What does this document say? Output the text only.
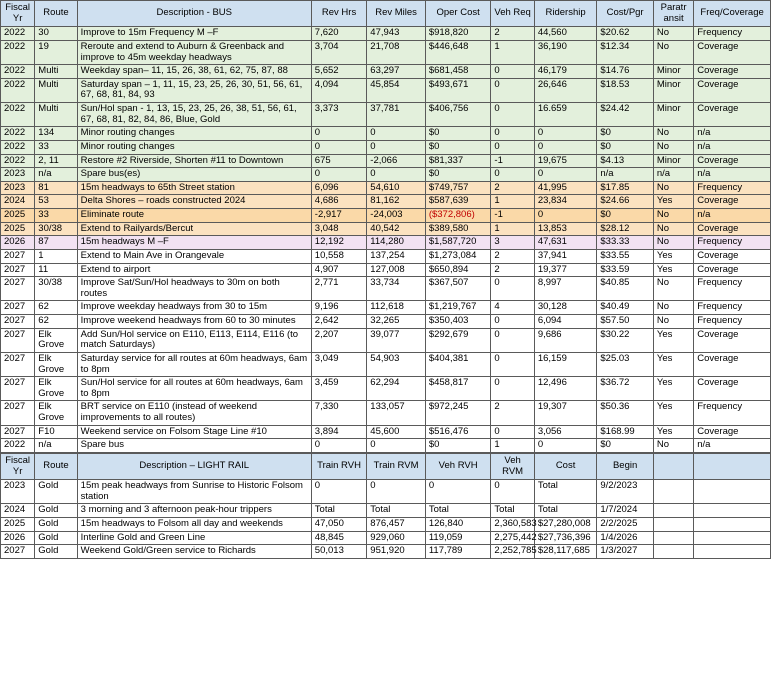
Fiscal Yr	Route	Description - BUS	Rev Hrs	Rev Miles	Oper Cost	Veh Req	Ridership	Cost/Pgr	Paratr ansit	Freq/Coverage
2022	30	Improve to 15m Frequency M –F	7,620	47,943	$918,820	2	44,560	$20.62	No	Frequency
2022	19	Reroute and extend to Auburn & Greenback and improve to 45m weekday headways	3,704	21,708	$446,648	1	36,190	$12.34	No	Coverage
2022	Multi	Weekday span– 11, 15, 26, 38, 61, 62, 75, 87, 88	5,652	63,297	$681,458	0	46,179	$14.76	Minor	Coverage
2022	Multi	Saturday span – 1, 11, 15, 23, 25, 26, 30, 51, 56, 61, 67, 68, 81, 84, 93	4,094	45,854	$493,671	0	26,646	$18.53	Minor	Coverage
2022	Multi	Sun/Hol span - 1, 13, 15, 23, 25, 26, 38, 51, 56, 61, 67, 68, 81, 82, 84, 86, Blue, Gold	3,373	37,781	$406,756	0	16.659	$24.42	Minor	Coverage
2022	134	Minor routing changes	0	0	$0	0	0	$0	No	n/a
2022	33	Minor routing changes	0	0	$0	0	0	$0	No	n/a
2022	2, 11	Restore #2 Riverside, Shorten #11 to Downtown	675	-2,066	$81,337	-1	19,675	$4.13	Minor	Coverage
2023	n/a	Spare bus(es)	0	0	$0	0	0	n/a	n/a	n/a
2023	81	15m headways to 65th Street station	6,096	54,610	$749,757	2	41,995	$17.85	No	Frequency
2024	53	Delta Shores – roads constructed 2024	4,686	81,162	$587,639	1	23,834	$24.66	Yes	Coverage
2025	33	Eliminate route	-2,917	-24,003	($372,806)	-1	0	$0	No	n/a
2025	30/38	Extend to Railyards/Bercut	3,048	40,542	$389,580	1	13,853	$28.12	No	Coverage
2026	87	15m headways M –F	12,192	114,280	$1,587,720	3	47,631	$33.33	No	Frequency
2027	1	Extend to Main Ave in Orangevale	10,558	137,254	$1,273,084	2	37,941	$33.55	Yes	Coverage
2027	11	Extend to airport	4,907	127,008	$650,894	2	19,377	$33.59	Yes	Coverage
2027	30/38	Improve Sat/Sun/Hol headways to 30m on both routes	2,771	33,734	$367,507	0	8,997	$40.85	No	Frequency
2027	62	Improve weekday headways from 30 to 15m	9,196	112,618	$1,219,767	4	30,128	$40.49	No	Frequency
2027	62	Improve weekend headways from 60 to 30 minutes	2,642	32,265	$350,403	0	6,094	$57.50	No	Frequency
2027	Elk Grove	Add Sun/Hol service on E110, E113, E114, E116 (to match Saturdays)	2,207	39,077	$292,679	0	9,686	$30.22	Yes	Coverage
2027	Elk Grove	Saturday service for all routes at 60m headways, 6am to 8pm	3,049	54,903	$404,381	0	16,159	$25.03	Yes	Coverage
2027	Elk Grove	Sun/Hol service for all routes at 60m headways, 6am to 8pm	3,459	62,294	$458,817	0	12,496	$36.72	Yes	Coverage
2027	Elk Grove	BRT service on E110 (instead of weekend improvements to all routes)	7,330	133,057	$972,245	2	19,307	$50.36	Yes	Frequency
2027	F10	Weekend service on Folsom Stage Line #10	3,894	45,600	$516,476	0	3,056	$168.99	Yes	Coverage
2022	n/a	Spare bus	0	0	$0	1	0	$0	No	n/a
Fiscal Yr	Route	Description – LIGHT RAIL	Train RVH	Train RVM	Veh RVH	Veh RVM	Cost	Begin		
2023	Gold	15m peak headways from Sunrise to Historic Folsom station	0	0	0	0	Total	9/2/2023		
2024	Gold	3 morning and 3 afternoon peak-hour trippers	Total	Total	Total	Total	Total	1/7/2024		
2025	Gold	15m headways to Folsom all day and weekends	47,050	876,457	126,840	2,360,583	$27,280,008	2/2/2025		
2026	Gold	Interline Gold and Green Line	48,845	929,060	119,059	2,275,442	$27,736,396	1/4/2026		
2027	Gold	Weekend Gold/Green service to Richards	50,013	951,920	117,789	2,252,785	$28,117,685	1/3/2027		
